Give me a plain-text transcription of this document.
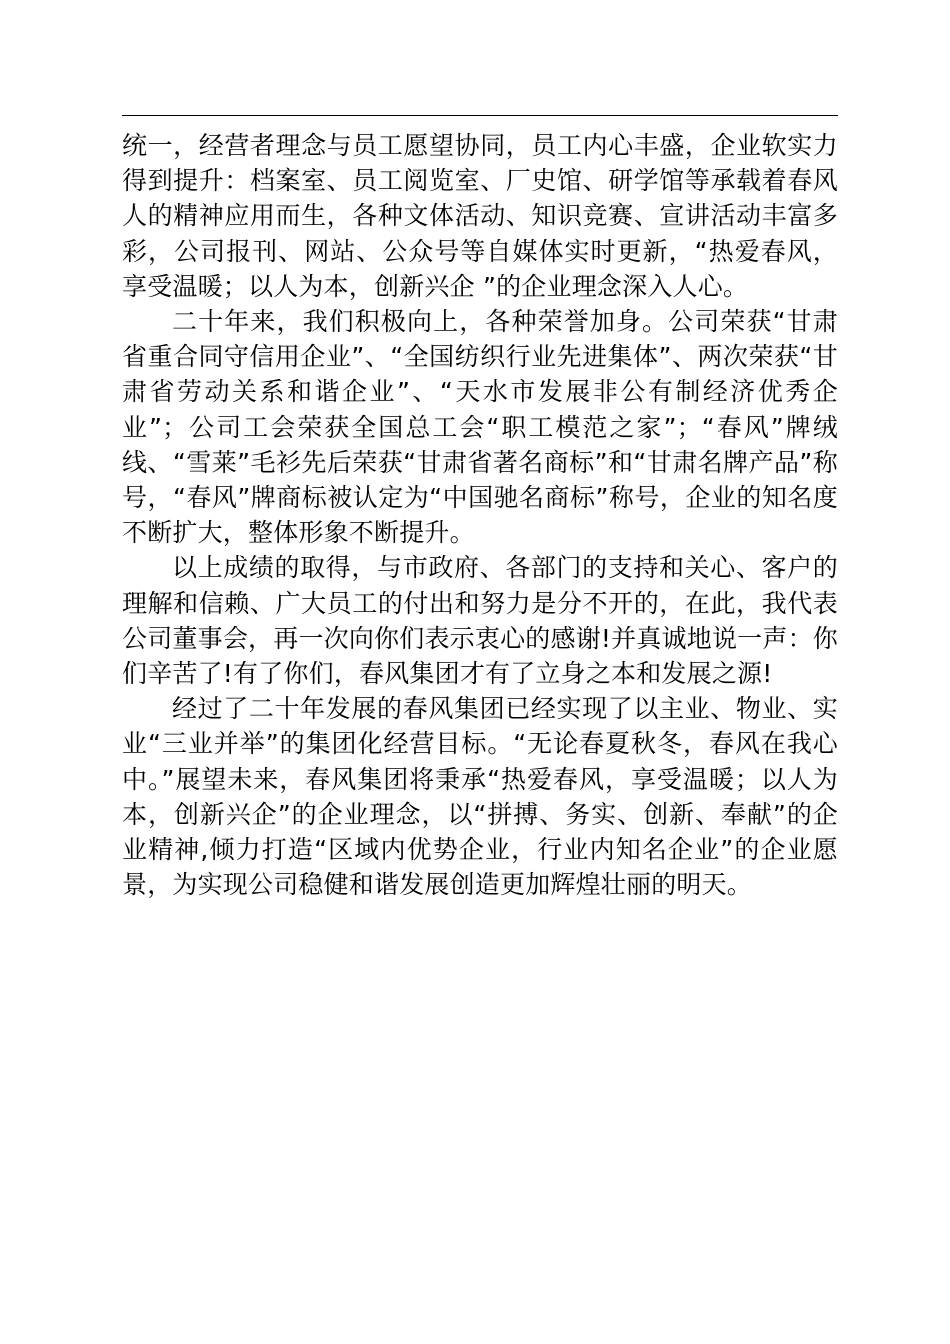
统一，经营者理念与员工愿望协同，员工内心丰盛，企业软实力得到提升：档案室、员工阅览室、厂史馆、研学馆等承载着春风人的精神应用而生，各种文体活动、知识竞赛、宣讲活动丰富多彩，公司报刊、网站、公众号等自媒体实时更新，“热爱春风，享受温暖；以人为本，创新兴企 ”的企业理念深入人心。

二十年来，我们积极向上，各种荣誉加身。公司荣获“甘肃省重合同守信用企业”、“全国纺织行业先进集体”、两次荣获“甘肃省劳动关系和谐企业”、“天水市发展非公有制经济优秀企业”；公司工会荣获全国总工会“职工模范之家”；“春风”牌绒线、“雪莱”毛衫先后荣获“甘肃省著名商标”和“甘肃名牌产品”称号，“春风”牌商标被认定为“中国驰名商标”称号，企业的知名度不断扩大，整体形象不断提升。

以上成绩的取得，与市政府、各部门的支持和关心、客户的理解和信赖、广大员工的付出和努力是分不开的，在此，我代表公司董事会，再一次向你们表示衷心的感谢!并真诚地说一声：你们辛苦了!有了你们，春风集团才有了立身之本和发展之源!

经过了二十年发展的春风集团已经实现了以主业、物业、实业“三业并举”的集团化经营目标。“无论春夏秋冬，春风在我心中。”展望未来，春风集团将秉承“热爱春风，享受温暖；以人为本，创新兴企”的企业理念，以“拼搏、务实、创新、奉献”的企业精神,倾力打造“区域内优势企业，行业内知名企业”的企业愿景，为实现公司稳健和谐发展创造更加辉煌壮丽的明天。
